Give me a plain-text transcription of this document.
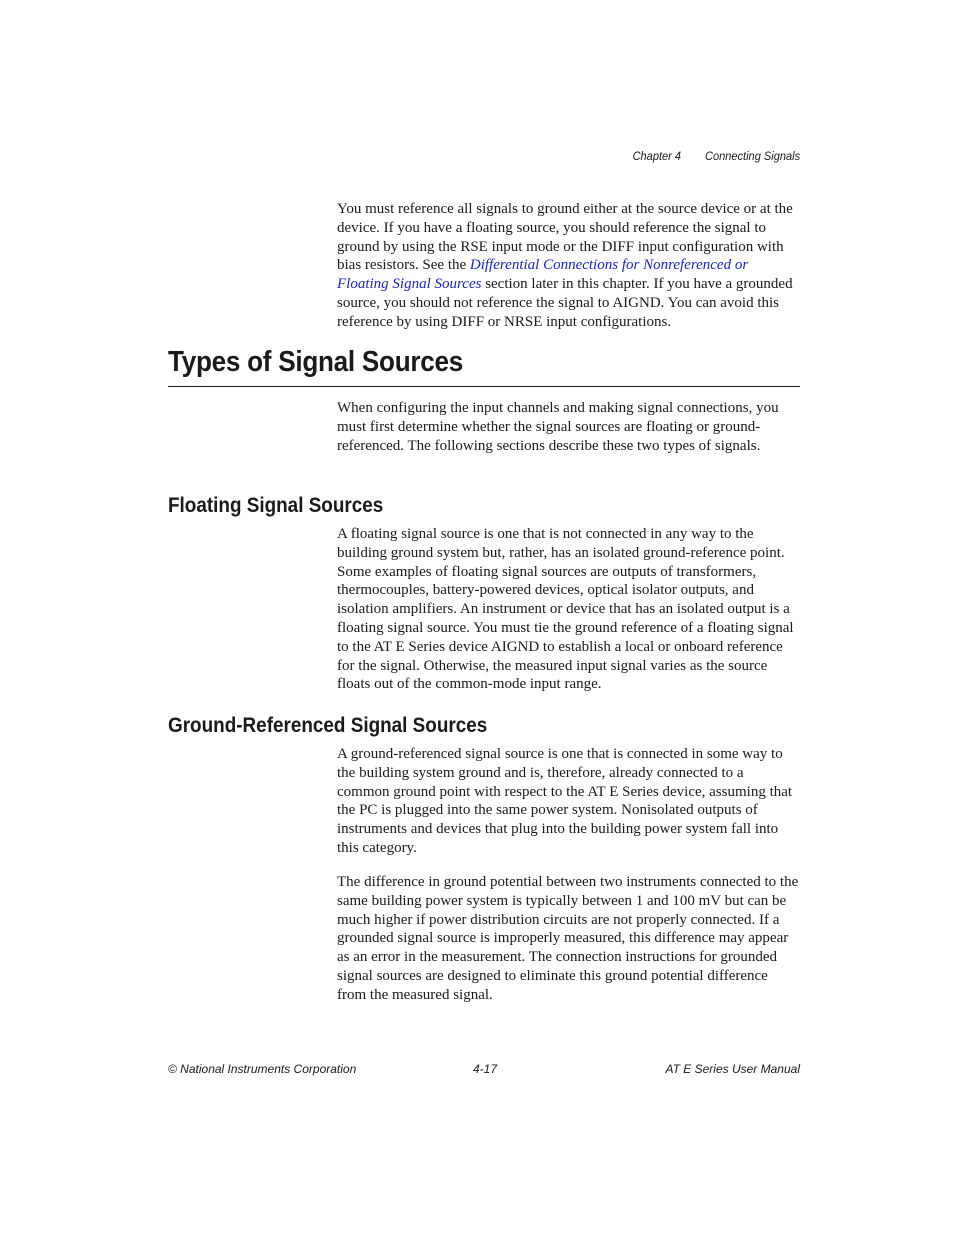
Chapter 4 Connecting Signals

You must reference all signals to ground either at the source device or at the device. If you have a floating source, you should reference the signal to ground by using the RSE input mode or the DIFF input configuration with bias resistors. See the Differential Connections for Nonreferenced or Floating Signal Sources section later in this chapter. If you have a grounded source, you should not reference the signal to AIGND. You can avoid this reference by using DIFF or NRSE input configurations.

Types of Signal Sources

When configuring the input channels and making signal connections, you must first determine whether the signal sources are floating or ground-referenced. The following sections describe these two types of signals.

Floating Signal Sources

A floating signal source is one that is not connected in any way to the building ground system but, rather, has an isolated ground-reference point. Some examples of floating signal sources are outputs of transformers, thermocouples, battery-powered devices, optical isolator outputs, and isolation amplifiers. An instrument or device that has an isolated output is a floating signal source. You must tie the ground reference of a floating signal to the AT E Series device AIGND to establish a local or onboard reference for the signal. Otherwise, the measured input signal varies as the source floats out of the common-mode input range.

Ground-Referenced Signal Sources

A ground-referenced signal source is one that is connected in some way to the building system ground and is, therefore, already connected to a common ground point with respect to the AT E Series device, assuming that the PC is plugged into the same power system. Nonisolated outputs of instruments and devices that plug into the building power system fall into this category.

The difference in ground potential between two instruments connected to the same building power system is typically between 1 and 100 mV but can be much higher if power distribution circuits are not properly connected. If a grounded signal source is improperly measured, this difference may appear as an error in the measurement. The connection instructions for grounded signal sources are designed to eliminate this ground potential difference from the measured signal.

© National Instruments Corporation	4-17	AT E Series User Manual
